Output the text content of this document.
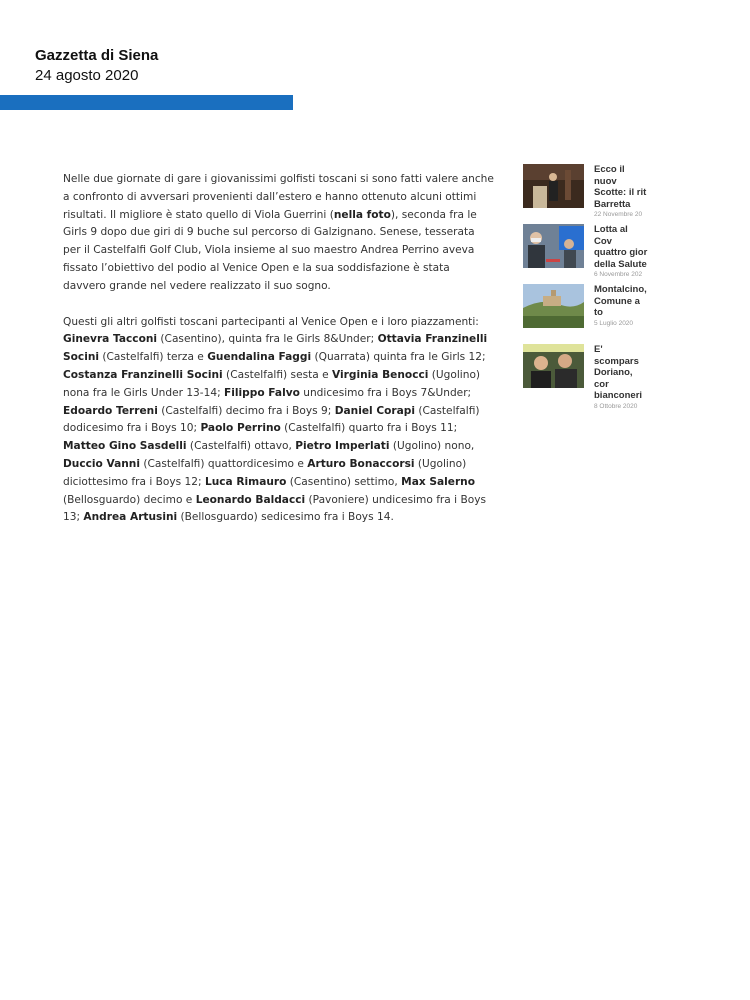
Gazzetta di Siena
24 agosto 2020

Nelle due giornate di gare i giovanissimi golfisti toscani si sono fatti valere anche a confronto di avversari provenienti dall’estero e hanno ottenuto alcuni ottimi risultati. Il migliore è stato quello di Viola Guerrini (nella foto), seconda fra le Girls 9 dopo due giri di 9 buche sul percorso di Galzignano. Senese, tesserata per il Castelfalfi Golf Club, Viola insieme al suo maestro Andrea Perrino aveva fissato l’obiettivo del podio al Venice Open e la sua soddisfazione è stata davvero grande nel vedere realizzato il suo sogno.

Questi gli altri golfisti toscani partecipanti al Venice Open e i loro piazzamenti: Ginevra Tacconi (Casentino), quinta fra le Girls 8&Under; Ottavia Franzinelli Socini (Castelfalfi) terza e Guendalina Faggi (Quarrata) quinta fra le Girls 12; Costanza Franzinelli Socini (Castelfalfi) sesta e Virginia Benocci (Ugolino) nona fra le Girls Under 13-14; Filippo Falvo undicesimo fra i Boys 7&Under; Edoardo Terreni (Castelfalfi) decimo fra i Boys 9; Daniel Corapi (Castelfalfi) dodicesimo fra i Boys 10; Paolo Perrino (Castelfalfi) quarto fra i Boys 11; Matteo Gino Sasdelli (Castelfalfi) ottavo, Pietro Imperlati (Ugolino) nono, Duccio Vanni (Castelfalfi) quattordicesimo e Arturo Bonaccorsi (Ugolino) diciottesimo fra i Boys 12; Luca Rimauro (Casentino) settimo, Max Salerno (Bellosguardo) decimo e Leonardo Baldacci (Pavoniere) undicesimo fra i Boys 13; Andrea Artusini (Bellosguardo) sedicesimo fra i Boys 14.

Ecco il nuov
Scotte: il rit
Barretta
22 Novembre 20
Lotta al Cov
quattro gior
della Salute
6 Novembre 202
Montalcino,
Comune a to
5 Luglio 2020
E' scompars
Doriano, cor
bianconeri
8 Ottobre 2020
